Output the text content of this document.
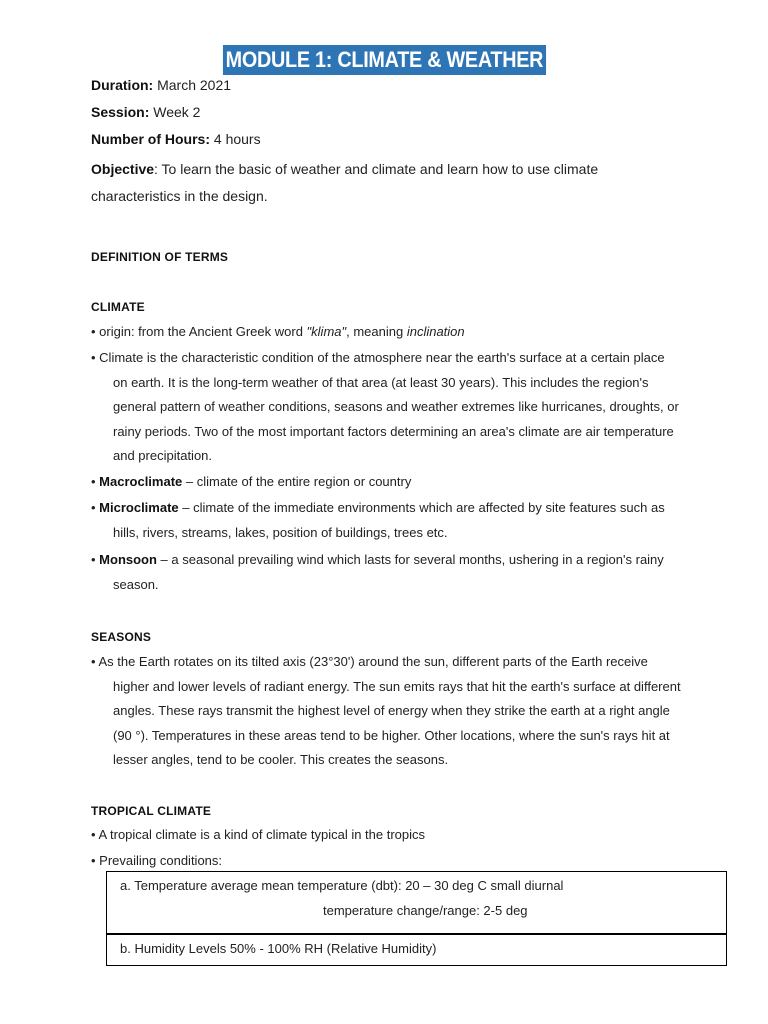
MODULE 1: CLIMATE & WEATHER
Duration: March 2021
Session: Week 2
Number of Hours: 4 hours
Objective: To learn the basic of weather and climate and learn how to use climate
characteristics in the design.
DEFINITION OF TERMS
CLIMATE
• origin: from the Ancient Greek word "klima", meaning inclination
• Climate is the characteristic condition of the atmosphere near the earth's surface at a certain place
on earth. It is the long-term weather of that area (at least 30 years). This includes the region's
general pattern of weather conditions, seasons and weather extremes like hurricanes, droughts, or
rainy periods. Two of the most important factors determining an area's climate are air temperature
and precipitation.
• Macroclimate – climate of the entire region or country
• Microclimate – climate of the immediate environments which are affected by site features such as
hills, rivers, streams, lakes, position of buildings, trees etc.
• Monsoon – a seasonal prevailing wind which lasts for several months, ushering in a region's rainy
season.
SEASONS
• As the Earth rotates on its tilted axis (23°30') around the sun, different parts of the Earth receive
higher and lower levels of radiant energy. The sun emits rays that hit the earth's surface at different
angles. These rays transmit the highest level of energy when they strike the earth at a right angle
(90 °). Temperatures in these areas tend to be higher. Other locations, where the sun's rays hit at
lesser angles, tend to be cooler. This creates the seasons.
TROPICAL CLIMATE
• A tropical climate is a kind of climate typical in the tropics
• Prevailing conditions:
a. Temperature average mean temperature (dbt): 20 – 30 deg C small diurnal
temperature change/range: 2-5 deg
b. Humidity Levels 50% - 100% RH (Relative Humidity)
